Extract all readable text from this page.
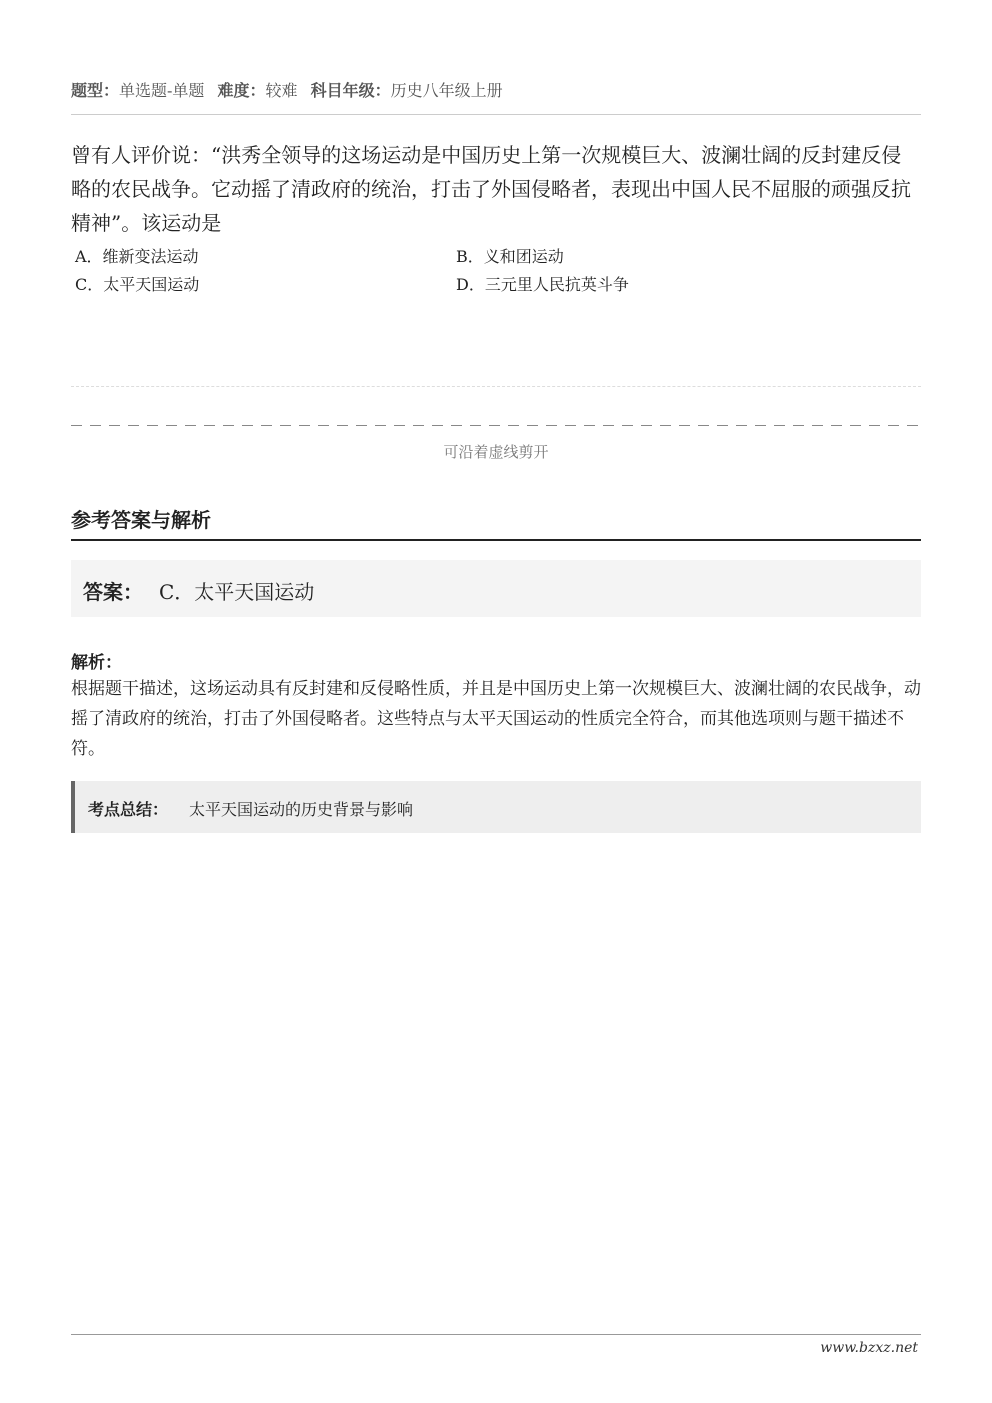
题型：单选题-单题 难度：较难 科目年级：历史八年级上册
曾有人评价说：“洪秀全领导的这场运动是中国历史上第一次规模巨大、波澜壮阔的反封建反侵略的农民战争。它动摇了清政府的统治，打击了外国侵略者，表现出中国人民不屈服的顽强反抗精神”。该运动是
A．维新变法运动	B．义和团运动
C．太平天国运动	D．三元里人民抗英斗争
可沿着虚线剪开
参考答案与解析
答案： C．太平天国运动
解析：
根据题干描述，这场运动具有反封建和反侵略性质，并且是中国历史上第一次规模巨大、波澜壮阔的农民战争，动摇了清政府的统治，打击了外国侵略者。这些特点与太平天国运动的性质完全符合，而其他选项则与题干描述不符。
考点总结： 太平天国运动的历史背景与影响
www.bzxz.net
